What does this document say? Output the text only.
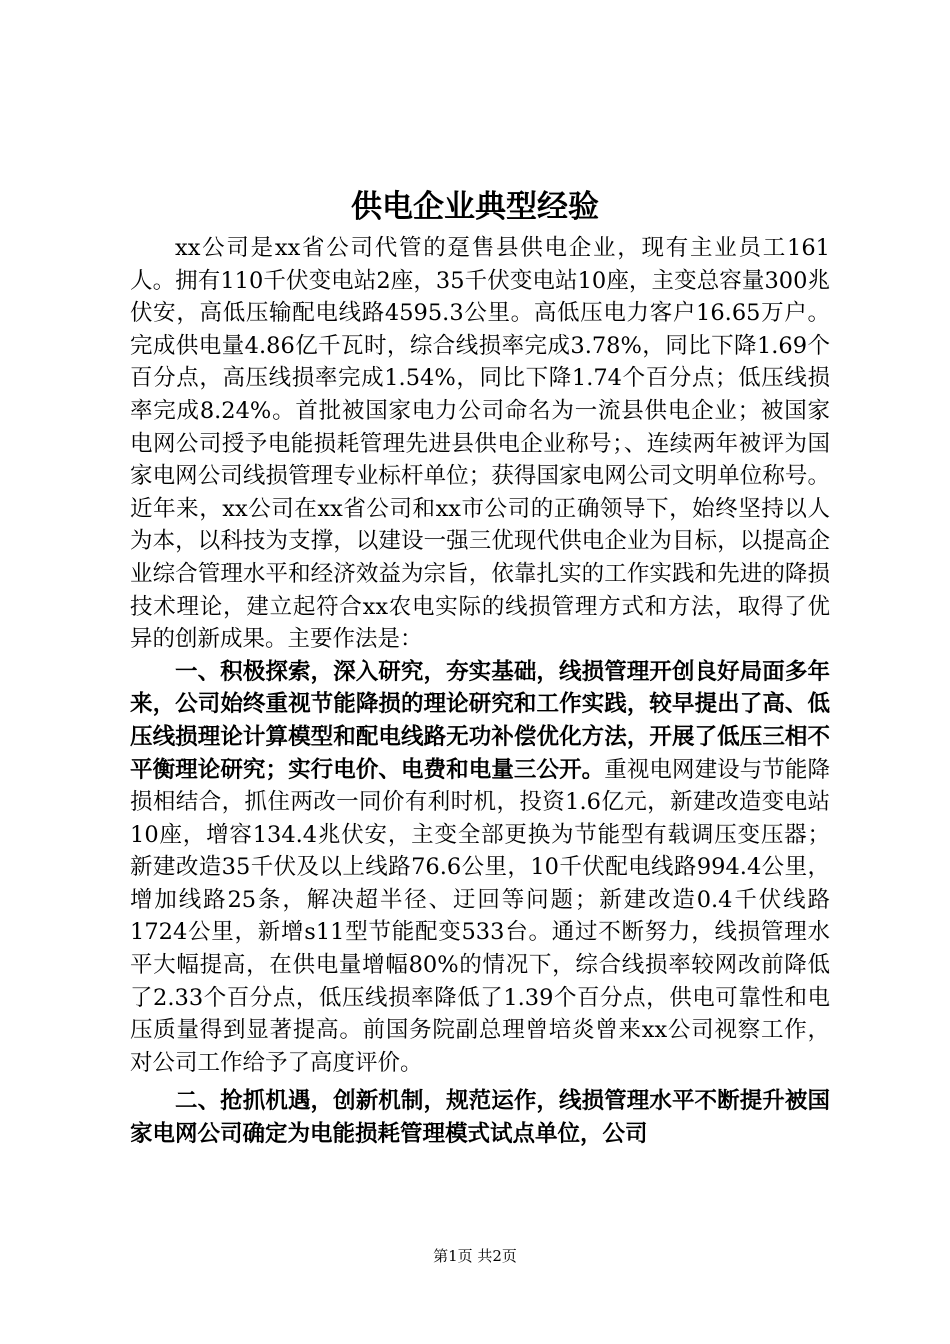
供电企业典型经验

xx公司是xx省公司代管的趸售县供电企业，现有主业员工161人。拥有110千伏变电站2座，35千伏变电站10座，主变总容量300兆伏安，高低压输配电线路4595.3公里。高低压电力客户16.65万户。完成供电量4.86亿千瓦时，综合线损率完成3.78%，同比下降1.69个百分点，高压线损率完成1.54%，同比下降1.74个百分点；低压线损率完成8.24%。首批被国家电力公司命名为一流县供电企业；被国家电网公司授予电能损耗管理先进县供电企业称号；、连续两年被评为国家电网公司线损管理专业标杆单位；获得国家电网公司文明单位称号。近年来，xx公司在xx省公司和xx市公司的正确领导下，始终坚持以人为本，以科技为支撑，以建设一强三优现代供电企业为目标，以提高企业综合管理水平和经济效益为宗旨，依靠扎实的工作实践和先进的降损技术理论，建立起符合xx农电实际的线损管理方式和方法，取得了优异的创新成果。主要作法是：

一、积极探索，深入研究，夯实基础，线损管理开创良好局面多年来，公司始终重视节能降损的理论研究和工作实践，较早提出了高、低压线损理论计算模型和配电线路无功补偿优化方法，开展了低压三相不平衡理论研究；实行电价、电费和电量三公开。重视电网建设与节能降损相结合，抓住两改一同价有利时机，投资1.6亿元，新建改造变电站10座，增容134.4兆伏安，主变全部更换为节能型有载调压变压器；新建改造35千伏及以上线路76.6公里，10千伏配电线路994.4公里，增加线路25条，解决超半径、迂回等问题；新建改造0.4千伏线路1724公里，新增s11型节能配变533台。通过不断努力，线损管理水平大幅提高，在供电量增幅80%的情况下，综合线损率较网改前降低了2.33个百分点，低压线损率降低了1.39个百分点，供电可靠性和电压质量得到显著提高。前国务院副总理曾培炎曾来xx公司视察工作，对公司工作给予了高度评价。

二、抢抓机遇，创新机制，规范运作，线损管理水平不断提升被国家电网公司确定为电能损耗管理模式试点单位，公司

第1页 共2页
